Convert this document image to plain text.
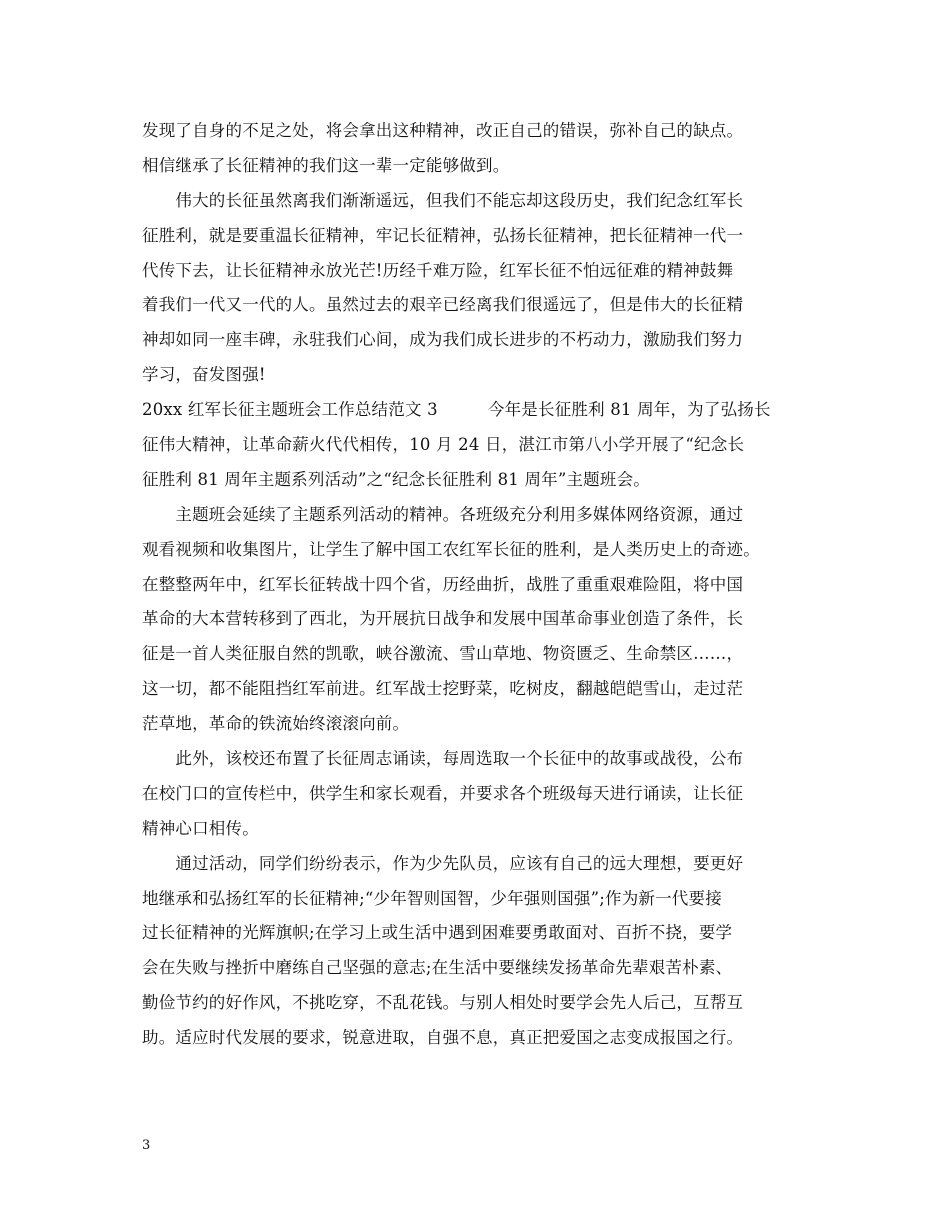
发现了自身的不足之处，将会拿出这种精神，改正自己的错误，弥补自己的缺点。
相信继承了长征精神的我们这一辈一定能够做到。
　　伟大的长征虽然离我们渐渐遥远，但我们不能忘却这段历史，我们纪念红军长
征胜利，就是要重温长征精神，牢记长征精神，弘扬长征精神，把长征精神一代一
代传下去，让长征精神永放光芒!历经千难万险，红军长征不怕远征难的精神鼓舞
着我们一代又一代的人。虽然过去的艰辛已经离我们很遥远了，但是伟大的长征精
神却如同一座丰碑，永驻我们心间，成为我们成长进步的不朽动力，激励我们努力
学习，奋发图强!
20xx 红军长征主题班会工作总结范文 3　　　今年是长征胜利 81 周年，为了弘扬长
征伟大精神，让革命薪火代代相传，10 月 24 日，湛江市第八小学开展了“纪念长
征胜利 81 周年主题系列活动”之“纪念长征胜利 81 周年”主题班会。
　　主题班会延续了主题系列活动的精神。各班级充分利用多媒体网络资源，通过
观看视频和收集图片，让学生了解中国工农红军长征的胜利，是人类历史上的奇迹。
在整整两年中，红军长征转战十四个省，历经曲折，战胜了重重艰难险阻，将中国
革命的大本营转移到了西北，为开展抗日战争和发展中国革命事业创造了条件，长
征是一首人类征服自然的凯歌，峡谷激流、雪山草地、物资匮乏、生命禁区……，
这一切，都不能阻挡红军前进。红军战士挖野菜，吃树皮，翻越皑皑雪山，走过茫
茫草地，革命的铁流始终滚滚向前。
　　此外，该校还布置了长征周志诵读，每周选取一个长征中的故事或战役，公布
在校门口的宣传栏中，供学生和家长观看，并要求各个班级每天进行诵读，让长征
精神心口相传。
　　通过活动，同学们纷纷表示，作为少先队员，应该有自己的远大理想，要更好
地继承和弘扬红军的长征精神;“少年智则国智，少年强则国强”;作为新一代要接
过长征精神的光辉旗帜;在学习上或生活中遇到困难要勇敢面对、百折不挠，要学
会在失败与挫折中磨练自己坚强的意志;在生活中要继续发扬革命先辈艰苦朴素、
勤俭节约的好作风，不挑吃穿，不乱花钱。与别人相处时要学会先人后己，互帮互
助。适应时代发展的要求，锐意进取，自强不息，真正把爱国之志变成报国之行。
3
